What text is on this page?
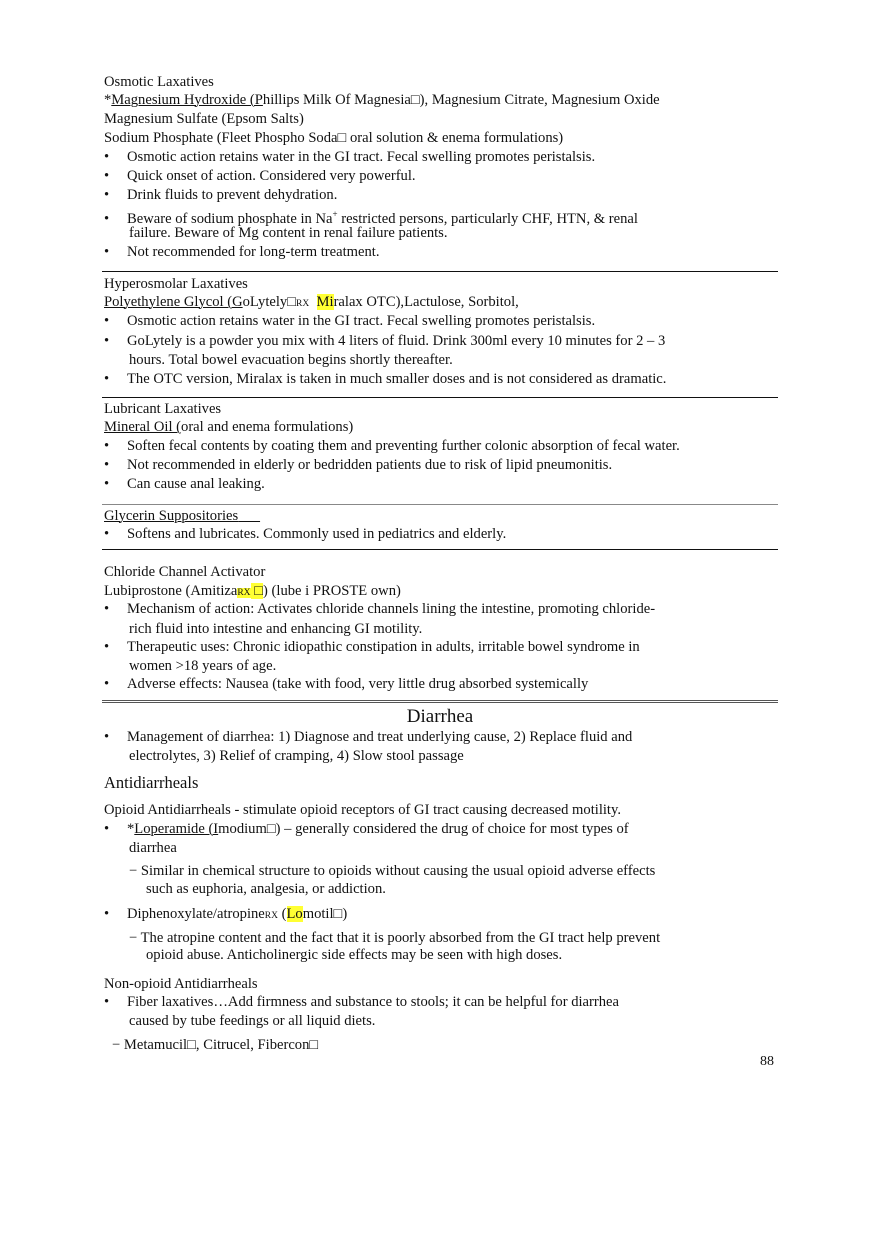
Osmotic Laxatives
*Magnesium Hydroxide (Phillips Milk Of Magnesia□), Magnesium Citrate, Magnesium Oxide
Magnesium Sulfate (Epsom Salts)
Sodium Phosphate (Fleet Phospho Soda□ oral solution & enema formulations)
• Osmotic action retains water in the GI tract. Fecal swelling promotes peristalsis.
• Quick onset of action. Considered very powerful.
• Drink fluids to prevent dehydration.
• Beware of sodium phosphate in Na+ restricted persons, particularly CHF, HTN, & renal
failure. Beware of Mg content in renal failure patients.
• Not recommended for long-term treatment.
Hyperosmolar Laxatives
Polyethylene Glycol (GoLytely□RX Miralax OTC),Lactulose, Sorbitol,
• Osmotic action retains water in the GI tract. Fecal swelling promotes peristalsis.
• GoLytely is a powder you mix with 4 liters of fluid. Drink 300ml every 10 minutes for 2 – 3
hours. Total bowel evacuation begins shortly thereafter.
• The OTC version, Miralax is taken in much smaller doses and is not considered as dramatic.
Lubricant Laxatives
Mineral Oil (oral and enema formulations)
• Soften fecal contents by coating them and preventing further colonic absorption of fecal water.
• Not recommended in elderly or bedridden patients due to risk of lipid pneumonitis.
• Can cause anal leaking.
Glycerin Suppositories
• Softens and lubricates. Commonly used in pediatrics and elderly.
Chloride Channel Activator
Lubiprostone (AmitizaRX □) (lube i PROSTE own)
• Mechanism of action: Activates chloride channels lining the intestine, promoting chloride-
rich fluid into intestine and enhancing GI motility.
• Therapeutic uses: Chronic idiopathic constipation in adults, irritable bowel syndrome in
women >18 years of age.
• Adverse effects: Nausea (take with food, very little drug absorbed systemically
Diarrhea
• Management of diarrhea: 1) Diagnose and treat underlying cause, 2) Replace fluid and
electrolytes, 3) Relief of cramping, 4) Slow stool passage
Antidiarrheals
Opioid Antidiarrheals - stimulate opioid receptors of GI tract causing decreased motility.
• *Loperamide (Imodium□) – generally considered the drug of choice for most types of
diarrhea
− Similar in chemical structure to opioids without causing the usual opioid adverse effects
such as euphoria, analgesia, or addiction.
• Diphenoxylate/atropineRX (Lomotil□)
− The atropine content and the fact that it is poorly absorbed from the GI tract help prevent
opioid abuse. Anticholinergic side effects may be seen with high doses.
Non-opioid Antidiarrheals
• Fiber laxatives…Add firmness and substance to stools; it can be helpful for diarrhea
caused by tube feedings or all liquid diets.
− Metamucil□, Citrucel, Fibercon□
88
